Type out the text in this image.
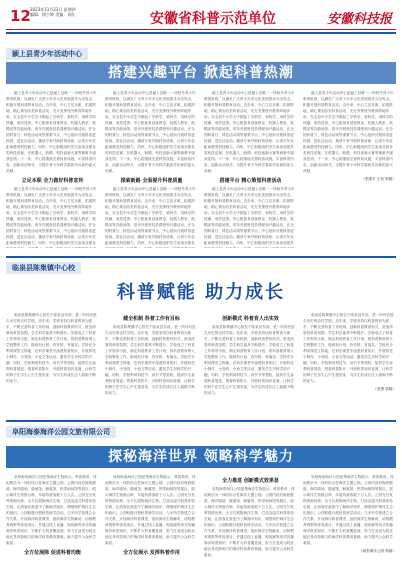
12 2023年11月23日 星期四
编辑：徐小婷 美编：刘红	安徽省科普示范单位	安徽科技报
颍上县青少年活动中心
搭建兴趣平台 掀起科普热潮
颍上县青少年活动中心是颍上县唯一一所校外青少年教育机构，以满足广大青少年多元化发展需求为出发点，积极开展科普教育活动。近年来，中心立足本职，拓展阵地，精心策划各类科普活动，充分发挥校外教育阵地作用，在全县中小学生中掀起了学科学、爱科学、用科学的热潮，成效显著。中心配备有创客教室、机器人教室、航模室等功能场馆，常年开展科技类课程和兴趣活动。在全国科普日、科技活动周等重要节点，中心组织开展科普进校园、进社区活动，邀请专家开展科普讲座，让青少年近距离感受科技魅力。同时，中心积极组织学生参加各级各类科技竞赛，在机器人、航模、科技创新大赛等赛事中屡获佳绩。下一步，中心将继续完善科普设施，丰富科普内容，创新活动形式，为提升青少年科学素质作出新的更大贡献。
立足本职 全力做好科普宣传
颍上县青少年活动中心是颍上县唯一一所校外青少年教育机构，以满足广大青少年多元化发展需求为出发点，积极开展科普教育活动。近年来，中心立足本职，拓展阵地，精心策划各类科普活动，充分发挥校外教育阵地作用，在全县中小学生中掀起了学科学、爱科学、用科学的热潮，成效显著。中心配备有创客教室、机器人教室、航模室等功能场馆，常年开展科技类课程和兴趣活动。在全国科普日、科技活动周等重要节点，中心组织开展科普进校园、进社区活动，邀请专家开展科普讲座，让青少年近距离感受科技魅力。同时，中心积极组织学生参加各级各
颍上县青少年活动中心是颍上县唯一一所校外青少年教育机构，以满足广大青少年多元化发展需求为出发点，积极开展科普教育活动。近年来，中心立足本职，拓展阵地，精心策划各类科普活动，充分发挥校外教育阵地作用，在全县中小学生中掀起了学科学、爱科学、用科学的热潮，成效显著。中心配备有创客教室、机器人教室、航模室等功能场馆，常年开展科技类课程和兴趣活动。在全国科普日、科技活动周等重要节点，中心组织开展科普进校园、进社区活动，邀请专家开展科普讲座，让青少年近距离感受科技魅力。同时，中心积极组织学生参加各级各类科技竞赛，在机器人、航模、科技创新大赛等赛事中屡获佳绩。下一步，中心将继续完善科普设施，丰富科普内容，创新活动形式，为提升青少年科学素质作出新的更大贡献。
探索新路 全面提升科普质量
颍上县青少年活动中心是颍上县唯一一所校外青少年教育机构，以满足广大青少年多元化发展需求为出发点，积极开展科普教育活动。近年来，中心立足本职，拓展阵地，精心策划各类科普活动，充分发挥校外教育阵地作用，在全县中小学生中掀起了学科学、爱科学、用科学的热潮，成效显著。中心配备有创客教室、机器人教室、航模室等功能场馆，常年开展科技类课程和兴趣活动。在全国科普日、科技活动周等重要节点，中心组织开展科普进校园、进社区活动，邀请专家开展科普讲座，让青少年近距离感受科技魅力。同时，中心积极组织学生参加各级各
颍上县青少年活动中心是颍上县唯一一所校外青少年教育机构，以满足广大青少年多元化发展需求为出发点，积极开展科普教育活动。近年来，中心立足本职，拓展阵地，精心策划各类科普活动，充分发挥校外教育阵地作用，在全县中小学生中掀起了学科学、爱科学、用科学的热潮，成效显著。中心配备有创客教室、机器人教室、航模室等功能场馆，常年开展科技类课程和兴趣活动。在全国科普日、科技活动周等重要节点，中心组织开展科普进校园、进社区活动，邀请专家开展科普讲座，让青少年近距离感受科技魅力。同时，中心积极组织学生参加各级各类科技竞赛，在机器人、航模、科技创新大赛等赛事中屡获佳绩。下一步，中心将继续完善科普设施，丰富科普内容，创新活动形式，为提升青少年科学素质作出新的更大贡献。
搭建平台 精心策划科普活动
颍上县青少年活动中心是颍上县唯一一所校外青少年教育机构，以满足广大青少年多元化发展需求为出发点，积极开展科普教育活动。近年来，中心立足本职，拓展阵地，精心策划各类科普活动，充分发挥校外教育阵地作用，在全县中小学生中掀起了学科学、爱科学、用科学的热潮，成效显著。中心配备有创客教室、机器人教室、航模室等功能场馆，常年开展科技类课程和兴趣活动。在全国科普日、科技活动周等重要节点，中心组织开展科普进校园、进社区活动，邀请专家开展科普讲座，让青少年近距离感受科技魅力。同时，中心积极组织学生参加各级各
颍上县青少年活动中心是颍上县唯一一所校外青少年教育机构，以满足广大青少年多元化发展需求为出发点，积极开展科普教育活动。近年来，中心立足本职，拓展阵地，精心策划各类科普活动，充分发挥校外教育阵地作用，在全县中小学生中掀起了学科学、爱科学、用科学的热潮，成效显著。中心配备有创客教室、机器人教室、航模室等功能场馆，常年开展科技类课程和兴趣活动。在全国科普日、科技活动周等重要节点，中心组织开展科普进校园、进社区活动，邀请专家开展科普讲座，让青少年近距离感受科技魅力。同时，中心积极组织学生参加各级各类科技竞赛，在机器人、航模、科技创新大赛等赛事中屡获佳绩。下一步，中心将继续完善科普设施，丰富科普内容，创新活动形式，为提升青少年科学素质作出新的更大贡献。
（张继平 王松 供稿）
临泉县陈集镇中心校
科普赋能 助力成长
临泉县陈集镇中心校位于临泉县东部，是一所具有悠久历史的农村学校。近年来，学校坚持以科普教育为抓手，不断完善科普工作机制，创新科普教育形式，营造浓厚的科普氛围，学生科学素养不断提升。学校成立了科普工作领导小组，制定科普教育工作计划，将科普教育纳入学校整体工作，做到有计划、有安排、有落实。学校充分利用课堂主阵地，在科学课堂中渗透科普知识，开展科技小制作、小发明、小论文等活动，激发学生对科学的兴趣。同时，学校利用科技节、读书节等契机，组织学生参观科普展览，观看科普影片，开展科普知识竞赛，让科学的种子在学生心中生根发芽，为学生的成长注入源源不断的动力。
健全机制 科普工作有目标
临泉县陈集镇中心校位于临泉县东部，是一所具有悠久历史的农村学校。近年来，学校坚持以科普教育为抓手，不断完善科普工作机制，创新科普教育形式，营造浓厚的科普氛围，学生科学素养不断提升。学校成立了科普工作领导小组，制定科普教育工作计划，将科普教育纳入学校整体工作，做到有计划、有安排、有落实。学校充分利用课堂主阵地，在科学课堂中渗透科普知识，开展科技小制作、小发明、小论文等活动，激发学生对科学的兴趣。同时，学校利用科技节、读书节等契机，组织学生参观科普展览，观看科普影片，开展科普知识竞赛，让科学的种子在学生心中生根发芽，为学生的成长注入源源不断的动力。
创新模式 科普育人出实效
临泉县陈集镇中心校位于临泉县东部，是一所具有悠久历史的农村学校。近年来，学校坚持以科普教育为抓手，不断完善科普工作机制，创新科普教育形式，营造浓厚的科普氛围，学生科学素养不断提升。学校成立了科普工作领导小组，制定科普教育工作计划，将科普教育纳入学校整体工作，做到有计划、有安排、有落实。学校充分利用课堂主阵地，在科学课堂中渗透科普知识，开展科技小制作、小发明、小论文等活动，激发学生对科学的兴趣。同时，学校利用科技节、读书节等契机，组织学生参观科普展览，观看科普影片，开展科普知识竞赛，让科学的种子在学生心中生根发芽，为学生的成长注入源源不断的动力。
临泉县陈集镇中心校位于临泉县东部，是一所具有悠久历史的农村学校。近年来，学校坚持以科普教育为抓手，不断完善科普工作机制，创新科普教育形式，营造浓厚的科普氛围，学生科学素养不断提升。学校成立了科普工作领导小组，制定科普教育工作计划，将科普教育纳入学校整体工作，做到有计划、有安排、有落实。学校充分利用课堂主阵地，在科学课堂中渗透科普知识，开展科技小制作、小发明、小论文等活动，激发学生对科学的兴趣。同时，学校利用科技节、读书节等契机，组织学生参观科普展览，观看科普影片，开展科普知识竞赛，让科学的种子在学生心中生根发芽，为学生的成长注入源源不断的动力。
（高勇 供稿）
阜阳海泰海洋公园文旅有限公司
探秘海洋世界 领略科学魅力
阜阳海泰海洋公园是集海洋生物展示、科普教育、休闲娱乐为一体的综合性海洋主题公园。公园内设有海底隧道、海洋剧场、极地馆、鲸鲨馆、热带雨林馆等展区，展示海洋生物数百种，年接待游客数十万人次。公园充分发挥资源优势，全方位展陈海洋生物，打造沉浸式科普体验空间，让游客在游览中了解海洋知识，增强保护海洋生态的意识。公园积极开展科普研学活动，与多所学校建立合作关系，开设海洋科普课堂，组织海洋生物解说、动物喂养观察等体验项目，并通过线上直播、短视频等形式传播海洋科普知识，不断扩大科普覆盖面，努力打造成为皖北地区具有影响力的海洋科普教育基地，助力提升公众科学素质。
全方位展陈 促进科普均衡
阜阳海泰海洋公园是集海洋生物展示、科普教育、休闲娱乐为一体的综合性海洋主题公园。公园内设有海底隧道、海洋剧场、极地馆、鲸鲨馆、热带雨林馆等展区，展示海洋生物数百种，年接待游客数十万人次。公园充分发挥资源优势，全方位展陈海洋生物，打造沉浸式科普体验空间，让游客在游览中了解海洋知识，增强保护海洋生态的意识。公园积极开展科普研学活动，与多所学校建立合作关系，开设海洋科普课堂，组织海洋生物解说、动物喂养观察等体验项目，并通过线上直播、短视频等形式传播海洋科普知识，不断扩大科普覆盖面，努力打造成为皖北地区具有影响力的海洋科普教育基地，助力提升公众科学素质。
全方位展示 发挥科普作用
全力推进 创新模式效果显
阜阳海泰海洋公园是集海洋生物展示、科普教育、休闲娱乐为一体的综合性海洋主题公园。公园内设有海底隧道、海洋剧场、极地馆、鲸鲨馆、热带雨林馆等展区，展示海洋生物数百种，年接待游客数十万人次。公园充分发挥资源优势，全方位展陈海洋生物，打造沉浸式科普体验空间，让游客在游览中了解海洋知识，增强保护海洋生态的意识。公园积极开展科普研学活动，与多所学校建立合作关系，开设海洋科普课堂，组织海洋生物解说、动物喂养观察等体验项目，并通过线上直播、短视频等形式传播海洋科普知识，不断扩大科普覆盖面，努力打造成为皖北地区具有影响力的海洋科普教育基地，助力提升公众科学素质。
阜阳海泰海洋公园是集海洋生物展示、科普教育、休闲娱乐为一体的综合性海洋主题公园。公园内设有海底隧道、海洋剧场、极地馆、鲸鲨馆、热带雨林馆等展区，展示海洋生物数百种，年接待游客数十万人次。公园充分发挥资源优势，全方位展陈海洋生物，打造沉浸式科普体验空间，让游客在游览中了解海洋知识，增强保护海洋生态的意识。公园积极开展科普研学活动，与多所学校建立合作关系，开设海洋科普课堂，组织海洋生物解说、动物喂养观察等体验项目，并通过线上直播、短视频等形式传播海洋科普知识，不断扩大科普覆盖面，努力打造成为皖北地区具有影响力的海洋科普教育基地，助力提升公众科学素质。
（海泰海洋公园 供稿）
